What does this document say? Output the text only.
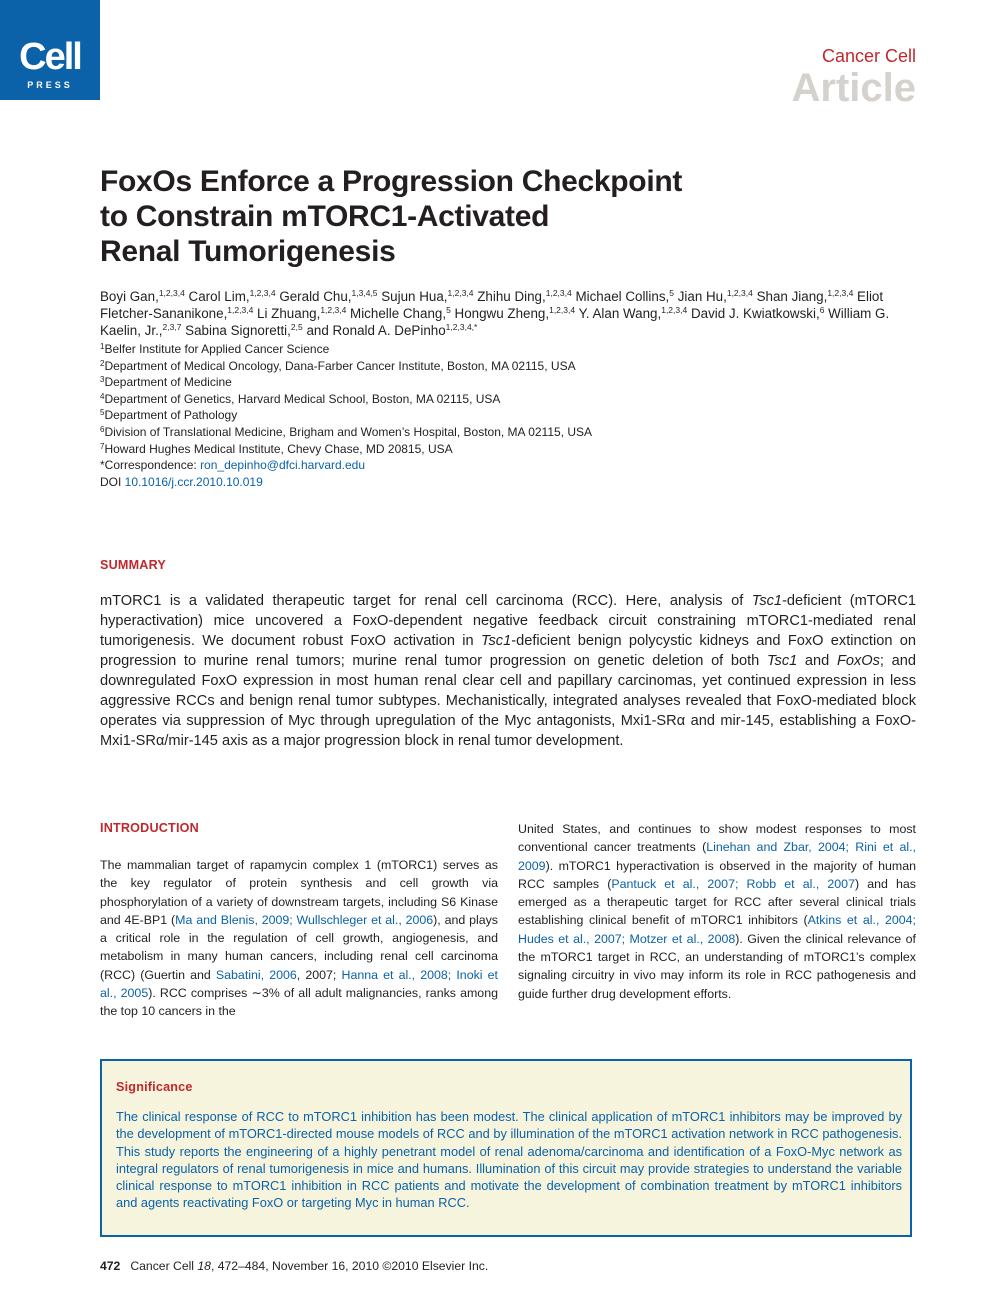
Cell
PRESS
Cancer Cell
Article
FoxOs Enforce a Progression Checkpoint
to Constrain mTORC1-Activated
Renal Tumorigenesis
Boyi Gan,$^{1,2,3,4}$ Carol Lim,$^{1,2,3,4}$ Gerald Chu,$^{1,3,4,5}$ Sujun Hua,$^{1,2,3,4}$ Zhihu Ding,$^{1,2,3,4}$ Michael Collins,$^5$ Jian Hu,$^{1,2,3,4}$ Shan Jiang,$^{1,2,3,4}$ Eliot Fletcher-Sananikone,$^{1,2,3,4}$ Li Zhuang,$^{1,2,3,4}$ Michelle Chang,$^5$ Hongwu Zheng,$^{1,2,3,4}$ Y. Alan Wang,$^{1,2,3,4}$ David J. Kwiatkowski,$^6$ William G. Kaelin, Jr.,$^{2,3,7}$ Sabina Signoretti,$^{2,5}$ and Ronald A. DePinho$^{1,2,3,4,*}$
$^1$Belfer Institute for Applied Cancer Science
$^2$Department of Medical Oncology, Dana-Farber Cancer Institute, Boston, MA 02115, USA
$^3$Department of Medicine
$^4$Department of Genetics, Harvard Medical School, Boston, MA 02115, USA
$^5$Department of Pathology
$^6$Division of Translational Medicine, Brigham and Women’s Hospital, Boston, MA 02115, USA
$^7$Howard Hughes Medical Institute, Chevy Chase, MD 20815, USA
*Correspondence: ron_depinho@dfci.harvard.edu
DOI 10.1016/j.ccr.2010.10.019
SUMMARY
mTORC1 is a validated therapeutic target for renal cell carcinoma (RCC). Here, analysis of Tsc1-deficient (mTORC1 hyperactivation) mice uncovered a FoxO-dependent negative feedback circuit constraining mTORC1-mediated renal tumorigenesis. We document robust FoxO activation in Tsc1-deficient benign polycystic kidneys and FoxO extinction on progression to murine renal tumors; murine renal tumor progression on genetic deletion of both Tsc1 and FoxOs; and downregulated FoxO expression in most human renal clear cell and papillary carcinomas, yet continued expression in less aggressive RCCs and benign renal tumor subtypes. Mechanistically, integrated analyses revealed that FoxO-mediated block operates via suppression of Myc through upregulation of the Myc antagonists, Mxi1-SRα and mir-145, establishing a FoxO-Mxi1-SRα/mir-145 axis as a major progression block in renal tumor development.
INTRODUCTION
The mammalian target of rapamycin complex 1 (mTORC1) serves as the key regulator of protein synthesis and cell growth via phosphorylation of a variety of downstream targets, including S6 Kinase and 4E-BP1 (Ma and Blenis, 2009; Wullschleger et al., 2006), and plays a critical role in the regulation of cell growth, angiogenesis, and metabolism in many human cancers, including renal cell carcinoma (RCC) (Guertin and Sabatini, 2006, 2007; Hanna et al., 2008; Inoki et al., 2005). RCC comprises ∼3% of all adult malignancies, ranks among the top 10 cancers in the
United States, and continues to show modest responses to most conventional cancer treatments (Linehan and Zbar, 2004; Rini et al., 2009). mTORC1 hyperactivation is observed in the majority of human RCC samples (Pantuck et al., 2007; Robb et al., 2007) and has emerged as a therapeutic target for RCC after several clinical trials establishing clinical benefit of mTORC1 inhibitors (Atkins et al., 2004; Hudes et al., 2007; Motzer et al., 2008). Given the clinical relevance of the mTORC1 target in RCC, an understanding of mTORC1’s complex signaling circuitry in vivo may inform its role in RCC pathogenesis and guide further drug development efforts.
Significance
The clinical response of RCC to mTORC1 inhibition has been modest. The clinical application of mTORC1 inhibitors may be improved by the development of mTORC1-directed mouse models of RCC and by illumination of the mTORC1 activation network in RCC pathogenesis. This study reports the engineering of a highly penetrant model of renal adenoma/carcinoma and identification of a FoxO-Myc network as integral regulators of renal tumorigenesis in mice and humans. Illumination of this circuit may provide strategies to understand the variable clinical response to mTORC1 inhibition in RCC patients and motivate the development of combination treatment by mTORC1 inhibitors and agents reactivating FoxO or targeting Myc in human RCC.
472 Cancer Cell 18, 472–484, November 16, 2010 ©2010 Elsevier Inc.
